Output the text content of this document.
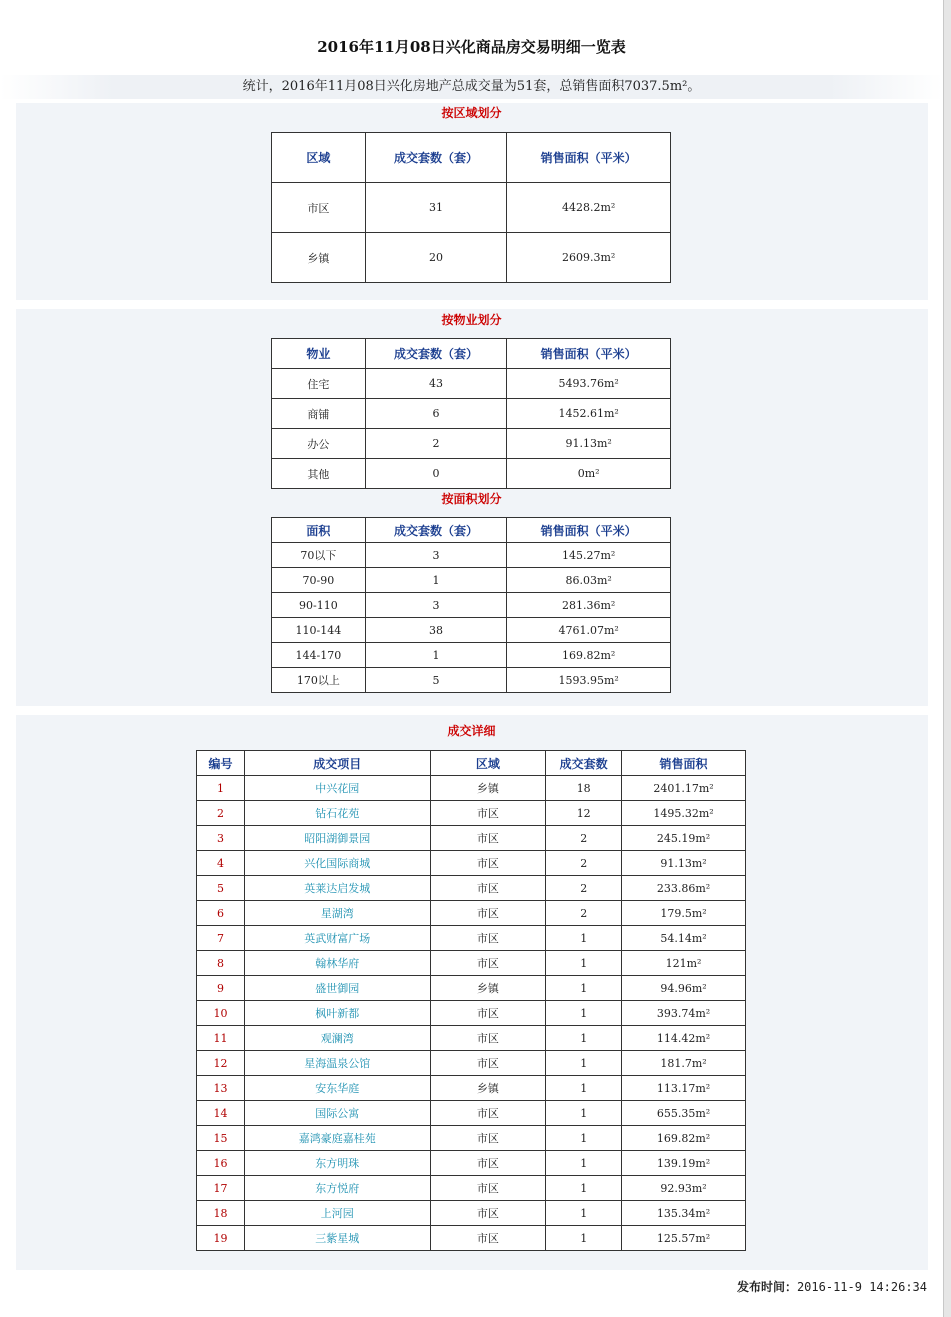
2016年11月08日兴化商品房交易明细一览表
统计，2016年11月08日兴化房地产总成交量为51套，总销售面积7037.5m²。
按区域划分
区域	成交套数（套）	销售面积（平米）
市区	31	4428.2m²
乡镇	20	2609.3m²
按物业划分
物业	成交套数（套）	销售面积（平米）
住宅	43	5493.76m²
商铺	6	1452.61m²
办公	2	91.13m²
其他	0	0m²
按面积划分
面积	成交套数（套）	销售面积（平米）
70以下	3	145.27m²
70-90	1	86.03m²
90-110	3	281.36m²
110-144	38	4761.07m²
144-170	1	169.82m²
170以上	5	1593.95m²
成交详细
编号	成交项目	区域	成交套数	销售面积
1	中兴花园	乡镇	18	2401.17m²
2	钻石花苑	市区	12	1495.32m²
3	昭阳湖御景园	市区	2	245.19m²
4	兴化国际商城	市区	2	91.13m²
5	英莱达启发城	市区	2	233.86m²
6	星湖湾	市区	2	179.5m²
7	英武财富广场	市区	1	54.14m²
8	翰林华府	市区	1	121m²
9	盛世御园	乡镇	1	94.96m²
10	枫叶新都	市区	1	393.74m²
11	观澜湾	市区	1	114.42m²
12	星海温泉公馆	市区	1	181.7m²
13	安东华庭	乡镇	1	113.17m²
14	国际公寓	市区	1	655.35m²
15	嘉鸿豪庭嘉桂苑	市区	1	169.82m²
16	东方明珠	市区	1	139.19m²
17	东方悦府	市区	1	92.93m²
18	上河园	市区	1	135.34m²
19	三紫星城	市区	1	125.57m²
发布时间：2016-11-9 14:26:34
